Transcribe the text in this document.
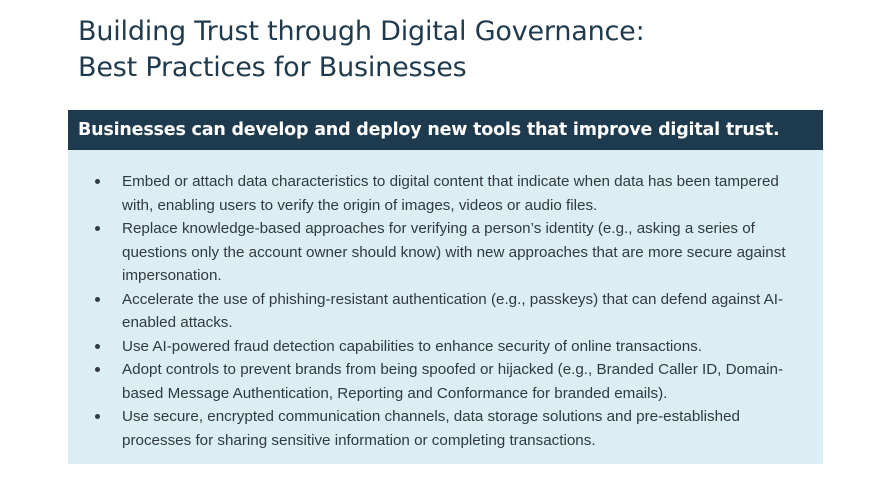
Building Trust through Digital Governance:
Best Practices for Businesses
Businesses can develop and deploy new tools that improve digital trust.
Embed or attach data characteristics to digital content that indicate when data has been tampered with, enabling users to verify the origin of images, videos or audio files.
Replace knowledge-based approaches for verifying a person’s identity (e.g., asking a series of questions only the account owner should know) with new approaches that are more secure against impersonation.
Accelerate the use of phishing-resistant authentication (e.g., passkeys) that can defend against AI-enabled attacks.
Use AI-powered fraud detection capabilities to enhance security of online transactions.
Adopt controls to prevent brands from being spoofed or hijacked (e.g., Branded Caller ID, Domain-based Message Authentication, Reporting and Conformance for branded emails).
Use secure, encrypted communication channels, data storage solutions and pre-established processes for sharing sensitive information or completing transactions.
